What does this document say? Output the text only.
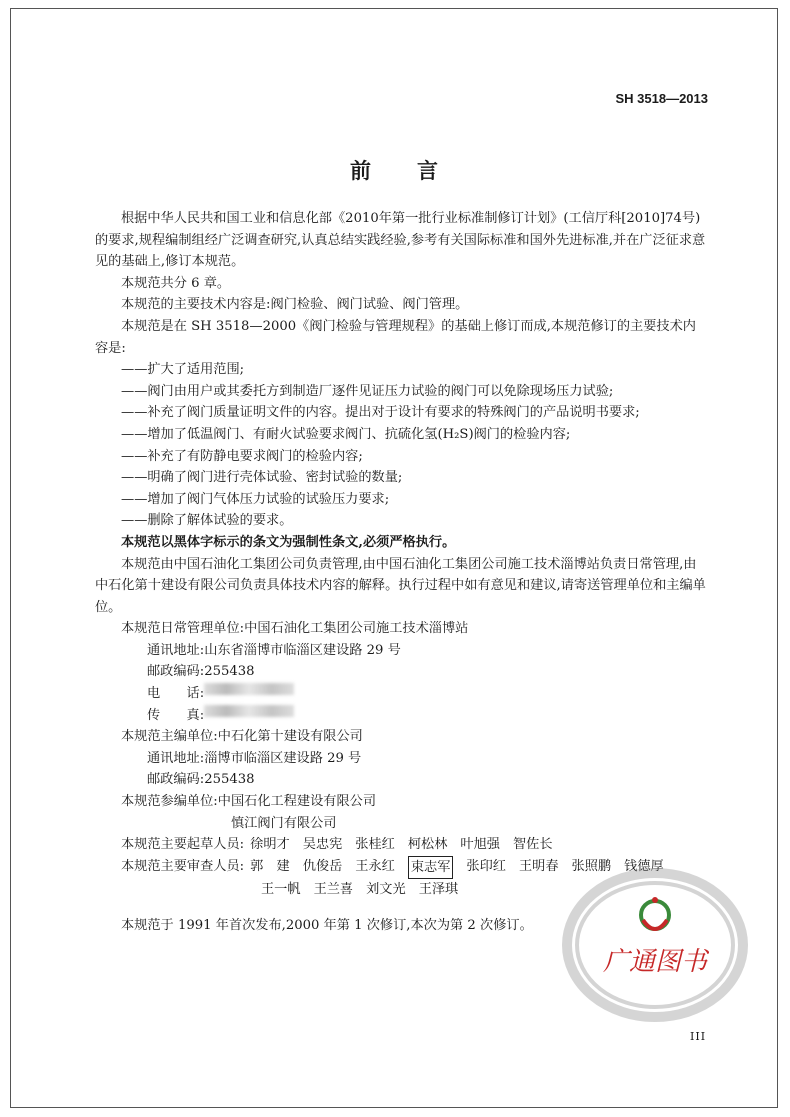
SH 3518—2013
前 言

根据中华人民共和国工业和信息化部《2010年第一批行业标准制修订计划》(工信厅科[2010]74号)的要求,规程编制组经广泛调查研究,认真总结实践经验,参考有关国际标准和国外先进标准,并在广泛征求意见的基础上,修订本规范。

本规范共分 6 章。

本规范的主要技术内容是:阀门检验、阀门试验、阀门管理。

本规范是在 SH 3518—2000《阀门检验与管理规程》的基础上修订而成,本规范修订的主要技术内容是:

——扩大了适用范围;

——阀门由用户或其委托方到制造厂逐件见证压力试验的阀门可以免除现场压力试验;

——补充了阀门质量证明文件的内容。提出对于设计有要求的特殊阀门的产品说明书要求;

——增加了低温阀门、有耐火试验要求阀门、抗硫化氢(H₂S)阀门的检验内容;

——补充了有防静电要求阀门的检验内容;

——明确了阀门进行壳体试验、密封试验的数量;

——增加了阀门气体压力试验的试验压力要求;

——删除了解体试验的要求。

本规范以黑体字标示的条文为强制性条文,必须严格执行。

本规范由中国石油化工集团公司负责管理,由中国石油化工集团公司施工技术淄博站负责日常管理,由中石化第十建设有限公司负责具体技术内容的解释。执行过程中如有意见和建议,请寄送管理单位和主编单位。

本规范日常管理单位: 中国石油化工集团公司施工技术淄博站

通讯地址: 山东省淄博市临淄区建设路 29 号

邮政编码: 255438

电　　话:

传　　真:

本规范主编单位: 中石化第十建设有限公司

通讯地址: 淄博市临淄区建设路 29 号

邮政编码: 255438

本规范参编单位: 中国石化工程建设有限公司

慎江阀门有限公司

本规范主要起草人员: 徐明才 吴忠宪 张桂红 柯松林 叶旭强 智佐长

本规范主要审查人员: 郭　建 仇俊岳 王永红 束志军 张印红 王明春 张照鹏 钱德厚

王一帆 王兰喜 刘文光 王泽琪

本规范于 1991 年首次发布,2000 年第 1 次修订,本次为第 2 次修订。

广通图书
III
